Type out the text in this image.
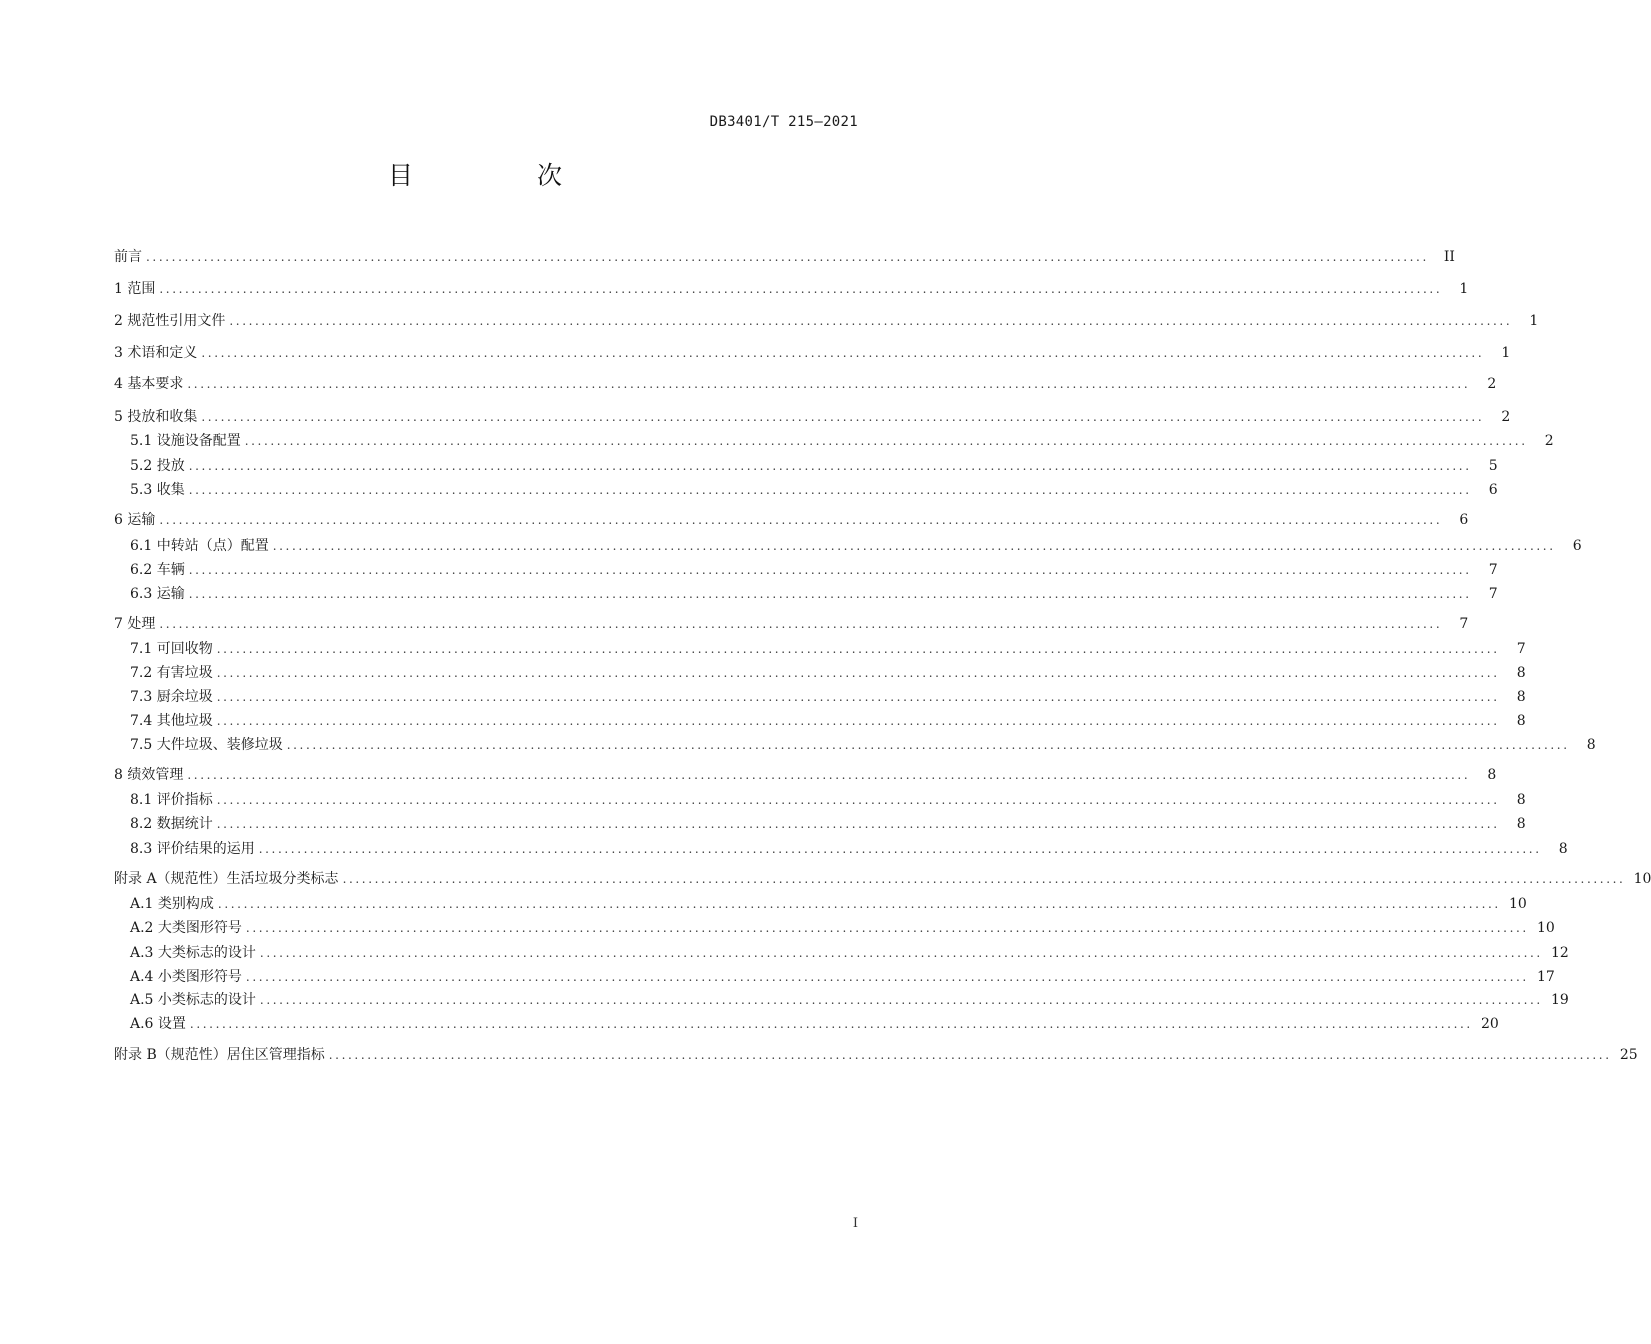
DB3401/T 215—2021
目 次
前言 ........................................................................................................................................................................................................	II
1 范围 ........................................................................................................................................................................................................	1
2 规范性引用文件 ........................................................................................................................................................................................................	1
3 术语和定义 ........................................................................................................................................................................................................	1
4 基本要求 ........................................................................................................................................................................................................	2
5 投放和收集 ........................................................................................................................................................................................................	2
5.1 设施设备配置 ........................................................................................................................................................................................................	2
5.2 投放 ........................................................................................................................................................................................................	5
5.3 收集 ........................................................................................................................................................................................................	6
6 运输 ........................................................................................................................................................................................................	6
6.1 中转站（点）配置 ........................................................................................................................................................................................................	6
6.2 车辆 ........................................................................................................................................................................................................	7
6.3 运输 ........................................................................................................................................................................................................	7
7 处理 ........................................................................................................................................................................................................	7
7.1 可回收物 ........................................................................................................................................................................................................	7
7.2 有害垃圾 ........................................................................................................................................................................................................	8
7.3 厨余垃圾 ........................................................................................................................................................................................................	8
7.4 其他垃圾 ........................................................................................................................................................................................................	8
7.5 大件垃圾、装修垃圾 ........................................................................................................................................................................................................	8
8 绩效管理 ........................................................................................................................................................................................................	8
8.1 评价指标 ........................................................................................................................................................................................................	8
8.2 数据统计 ........................................................................................................................................................................................................	8
8.3 评价结果的运用 ........................................................................................................................................................................................................	8
附录 A（规范性）生活垃圾分类标志 ........................................................................................................................................................................................................ 10
A.1 类别构成 ........................................................................................................................................................................................................ 10
A.2 大类图形符号 ........................................................................................................................................................................................................ 10
A.3 大类标志的设计 ........................................................................................................................................................................................................ 12
A.4 小类图形符号 ........................................................................................................................................................................................................ 17
A.5 小类标志的设计 ........................................................................................................................................................................................................ 19
A.6 设置 ........................................................................................................................................................................................................ 20
附录 B（规范性）居住区管理指标 ........................................................................................................................................................................................................ 25
I
